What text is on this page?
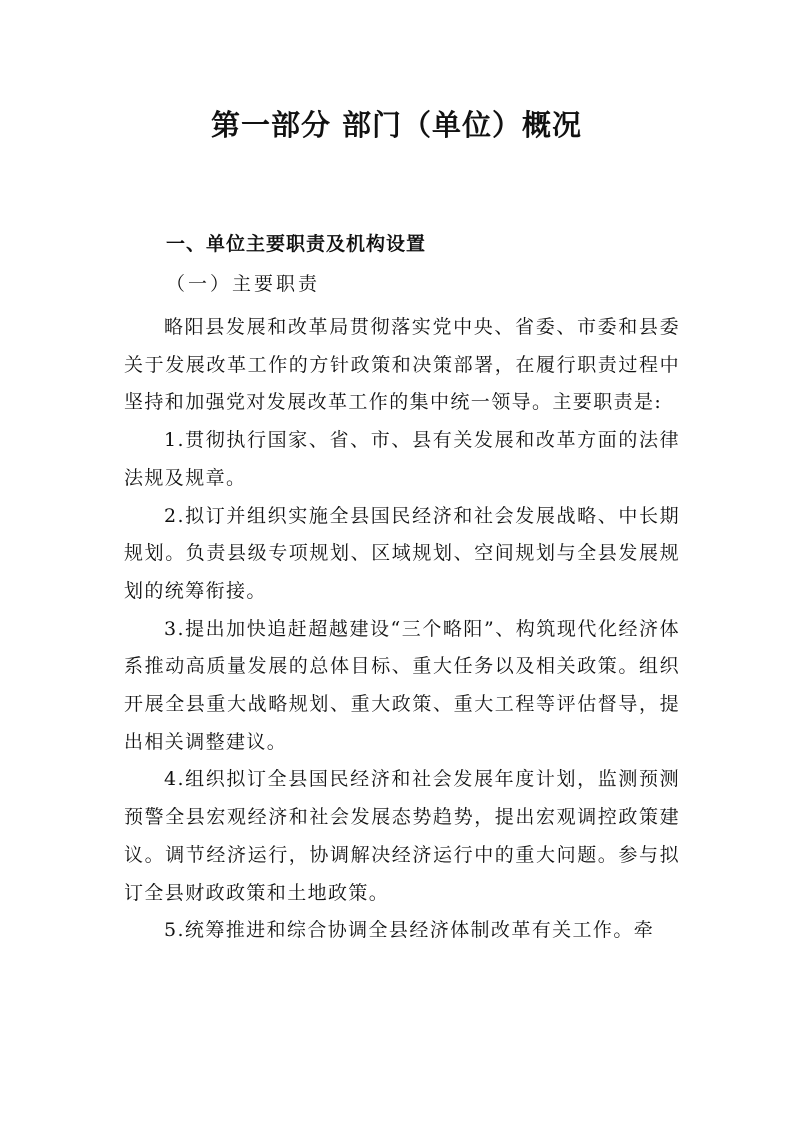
第一部分 部门（单位）概况
一、单位主要职责及机构设置
（一）主要职责

略阳县发展和改革局贯彻落实党中央、省委、市委和县委关于发展改革工作的方针政策和决策部署，在履行职责过程中坚持和加强党对发展改革工作的集中统一领导。主要职责是:

1.贯彻执行国家、省、市、县有关发展和改革方面的法律法规及规章。

2.拟订并组织实施全县国民经济和社会发展战略、中长期规划。负责县级专项规划、区域规划、空间规划与全县发展规划的统筹衔接。

3.提出加快追赶超越建设“三个略阳”、构筑现代化经济体系推动高质量发展的总体目标、重大任务以及相关政策。组织开展全县重大战略规划、重大政策、重大工程等评估督导，提出相关调整建议。

4.组织拟订全县国民经济和社会发展年度计划，监测预测预警全县宏观经济和社会发展态势趋势，提出宏观调控政策建议。调节经济运行，协调解决经济运行中的重大问题。参与拟订全县财政政策和土地政策。

5.统筹推进和综合协调全县经济体制改革有关工作。牵
